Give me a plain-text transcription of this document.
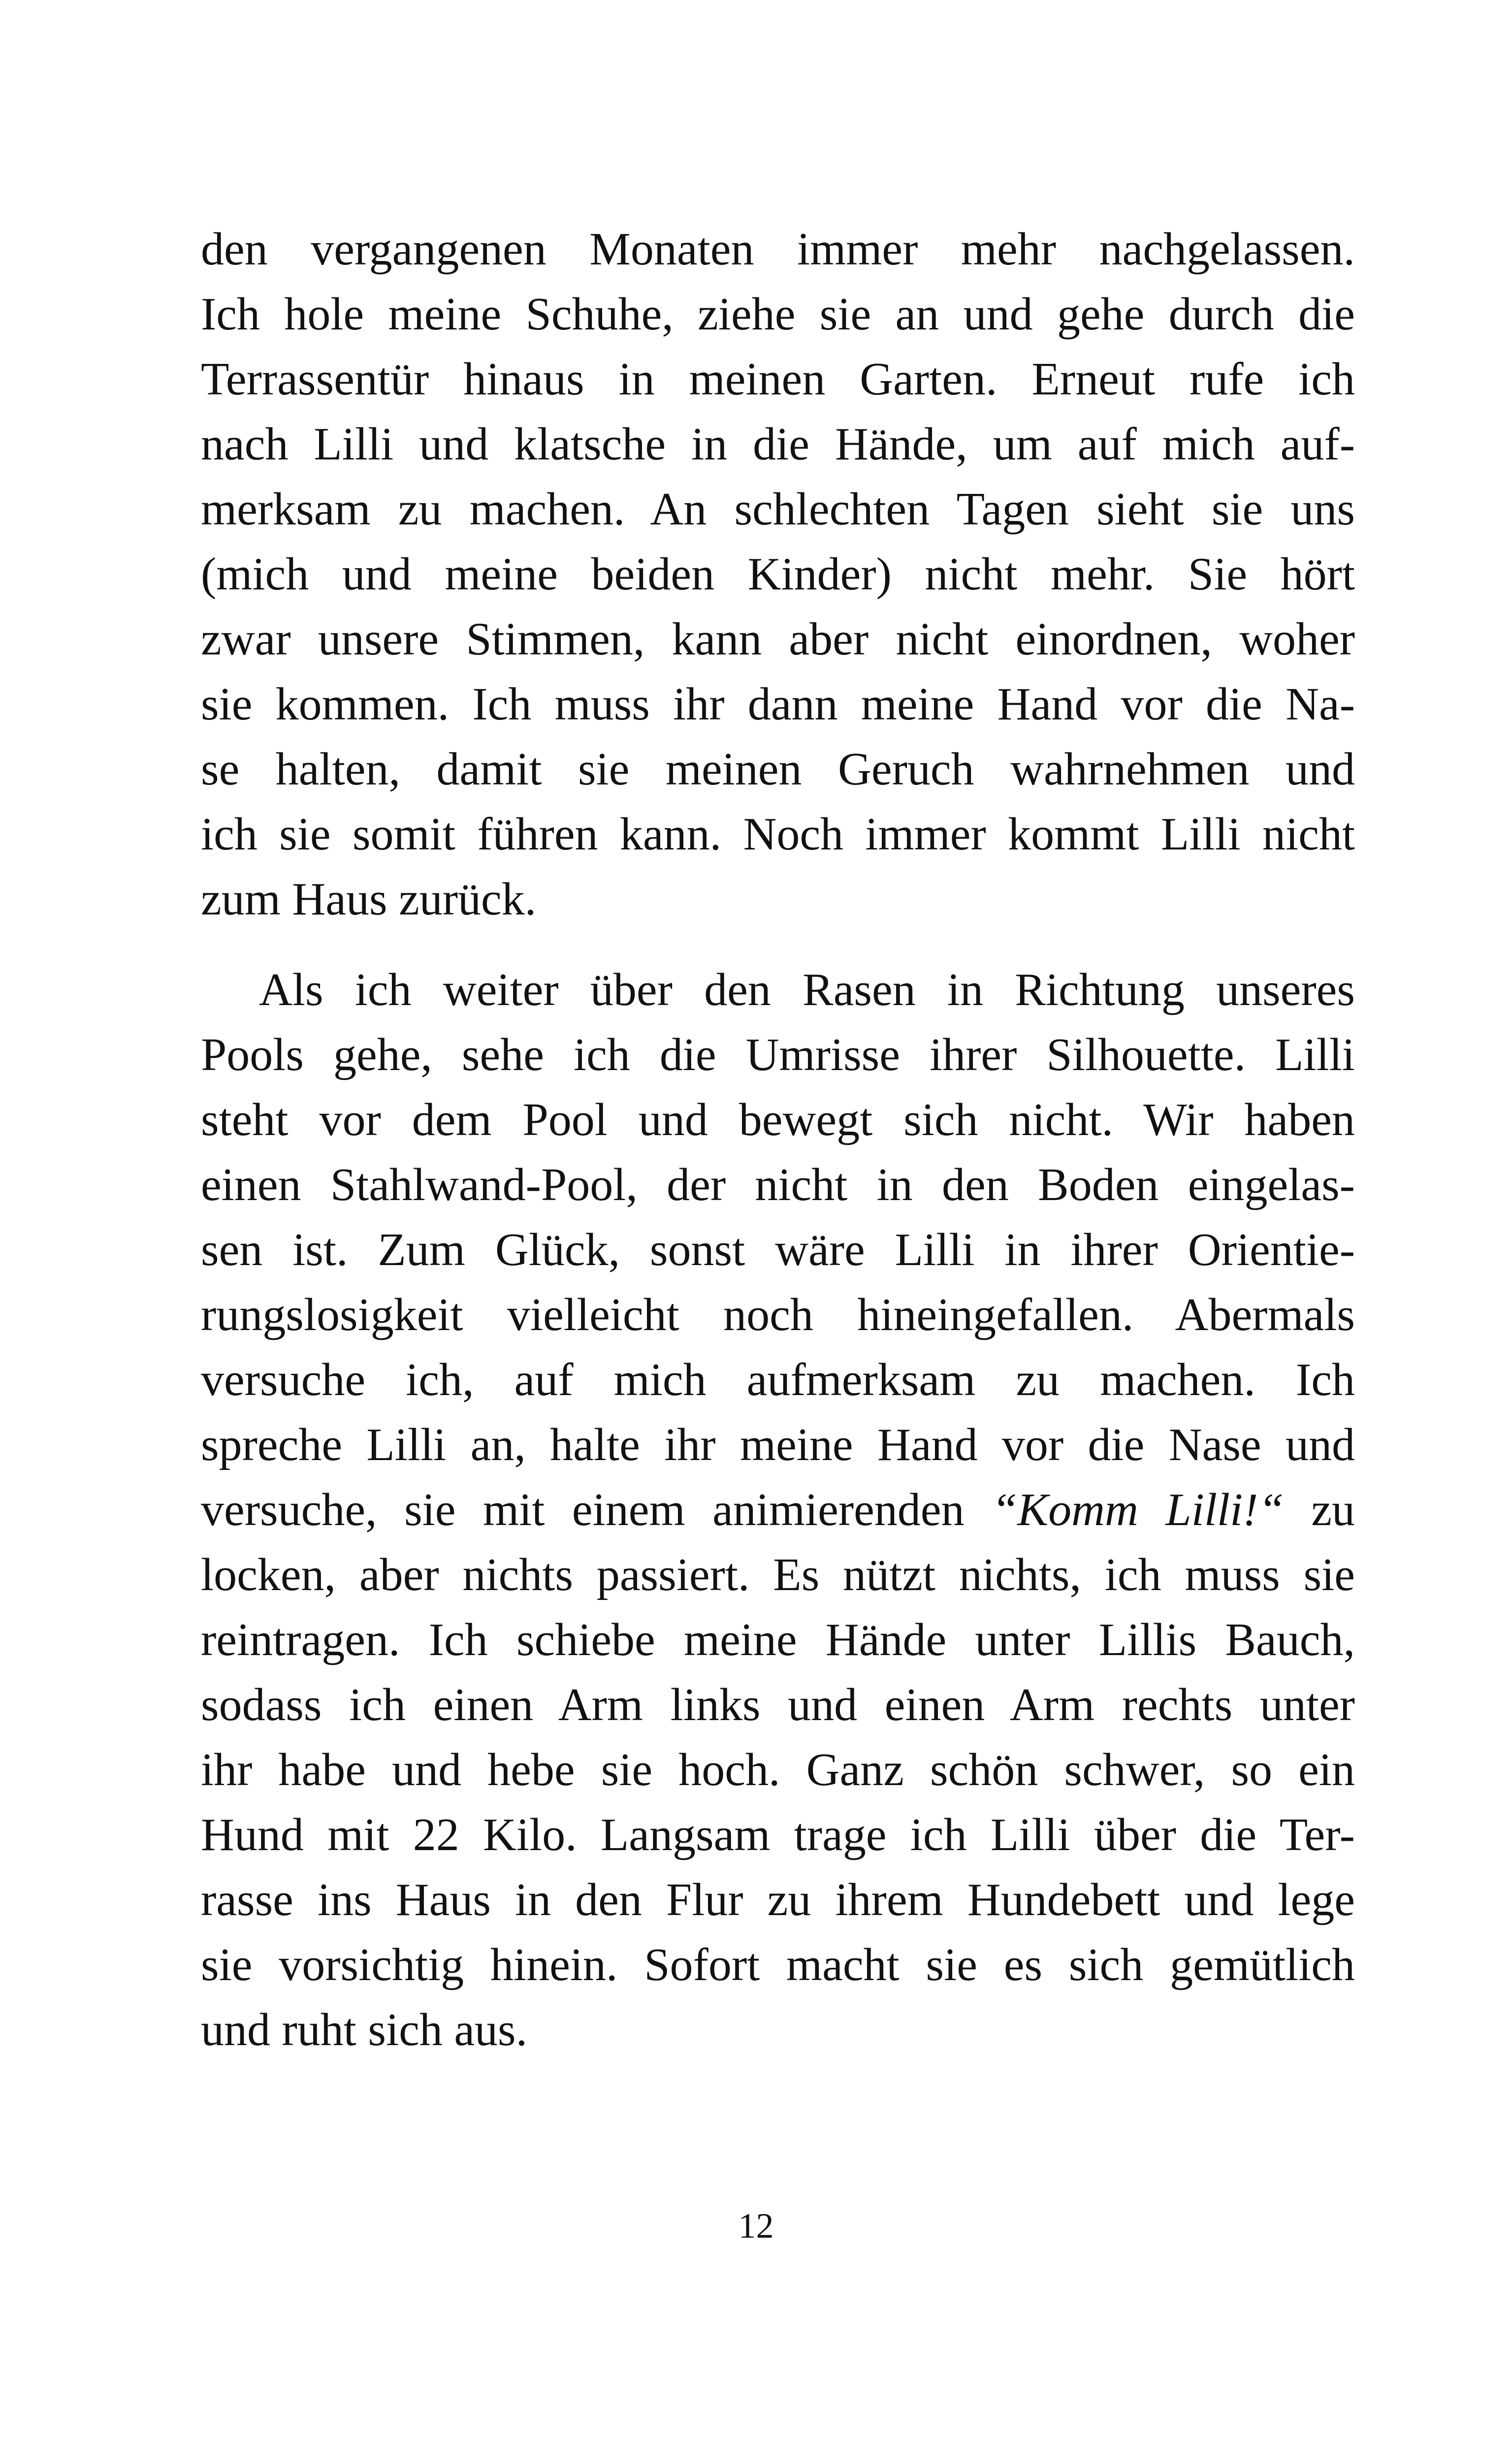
den vergangenen Monaten immer mehr nachgelassen.
Ich hole meine Schuhe, ziehe sie an und gehe durch die
Terrassentür hinaus in meinen Garten. Erneut rufe ich
nach Lilli und klatsche in die Hände, um auf mich auf-
merksam zu machen. An schlechten Tagen sieht sie uns
(mich und meine beiden Kinder) nicht mehr. Sie hört
zwar unsere Stimmen, kann aber nicht einordnen, woher
sie kommen. Ich muss ihr dann meine Hand vor die Na-
se halten, damit sie meinen Geruch wahrnehmen und
ich sie somit führen kann. Noch immer kommt Lilli nicht
zum Haus zurück.
Als ich weiter über den Rasen in Richtung unseres
Pools gehe, sehe ich die Umrisse ihrer Silhouette. Lilli
steht vor dem Pool und bewegt sich nicht. Wir haben
einen Stahlwand-Pool, der nicht in den Boden eingelas-
sen ist. Zum Glück, sonst wäre Lilli in ihrer Orientie-
rungslosigkeit vielleicht noch hineingefallen. Abermals
versuche ich, auf mich aufmerksam zu machen. Ich
spreche Lilli an, halte ihr meine Hand vor die Nase und
versuche, sie mit einem animierenden “Komm Lilli!“ zu
locken, aber nichts passiert. Es nützt nichts, ich muss sie
reintragen. Ich schiebe meine Hände unter Lillis Bauch,
sodass ich einen Arm links und einen Arm rechts unter
ihr habe und hebe sie hoch. Ganz schön schwer, so ein
Hund mit 22 Kilo. Langsam trage ich Lilli über die Ter-
rasse ins Haus in den Flur zu ihrem Hundebett und lege
sie vorsichtig hinein. Sofort macht sie es sich gemütlich
und ruht sich aus.
12
